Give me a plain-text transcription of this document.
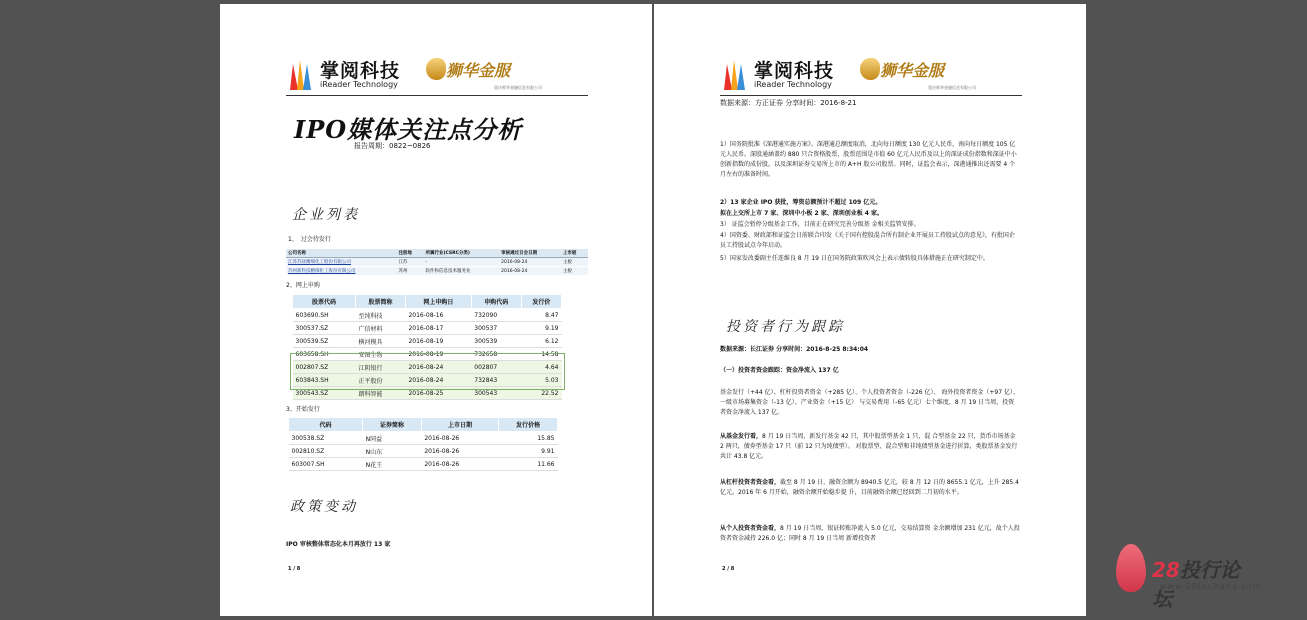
掌阅科技
iReader Technology
狮华金服
重庆师华金融信息有限公司
IPO媒体关注点分析
报告周期：0822~0826
企业列表
1、　过会待发行
公司名称	注册地	所属行业(CSRC分类)	审核通过日会日期	上市板
江苏苏盐精细化工股份有限公司	江苏	-	2016-08-24	主板
苏州新科技精细化工股份有限公司	苏州	软件和信息技术服务业	2016-08-24	主板
2、网上申购
股票代码	股票简称	网上申购日	申购代码	发行价
603690.SH	至纯科技	2016-08-16	732090	8.47
300537.SZ	广信材料	2016-08-17	300537	9.19
300539.SZ	横河模具	2016-08-19	300539	6.12
603658.SH	安图生物	2016-08-19	732658	14.58
002807.SZ	江阴银行	2016-08-24	002807	4.64
603843.SH	正平股份	2016-08-24	732843	5.03
300543.SZ	朗科智能	2016-08-25	300543	22.52
3、开始发行
代码	证券简称	上市日期	发行价格
300538.SZ	N同益	2016-08-26	15.85
002810.SZ	N山东	2016-08-26	9.91
603007.SH	N花王	2016-08-26	11.66
政策变动
IPO 审核整体常态化本月再放行 13 家
1 / 8
掌阅科技
iReader Technology
狮华金服
重庆师华金融信息有限公司
数据来源：方正证券 分享时间：2016-8-21
1）国务院批准《深港通实施方案》。深港通总额度取消，北向每日额度 130 亿元人民币，南向每日额度 105 亿元人民币。深股通涵盖约 880 只合资格股票，股票范围是市值 60 亿元人民币及以上的深证成份指数和深证中小创新指数的成份股，以及深圳证券交易所上市的 A+H 股公司股票。同时，证监会表示，深港通推出还需要 4 个月左右的准备时间。
2）13 家企业 IPO 获批，筹资总额预计不超过 109 亿元。
拟在上交所上市 7 家、深圳中小板 2 家、深圳创业板 4 家。
3） 证监会暂停分级基金工作，目前正在研究完善分级基 金相关监管安排。
4）国资委、财政部和证监会日前联合印发《关于国有控股混合所有制企业开展员工持股试点的意见》，有批国企员工持股试点今年启动。
5）国家发改委副主任连维良 8 月 19 日在国务院政策吹风会上表示债转股具体措施正在研究制定中。
投资者行为跟踪
数据来源：长江证券 分享时间：2016-8-25 8:34:04
（一）投资者资金跟踪：资金净流入 137 亿
基金发行（+44 亿）、杠杆投资者资金（+285 亿）、个人投资者资金（-226 亿）、 海外投资者资金（+97 亿）、一级市场募集资金（-13 亿）、产业资金（+15 亿） 与交易费用（-65 亿元）七个维度，8 月 19 日当周，投资者资金净流入 137 亿。
从基金发行看，8 月 19 日当周，新发行基金 42 只，其中股票型基金 1 只，混 合型基金 22 只，货币市场基金 2 两只，债券型基金 17 只（前 12 只为纯债型）。 对股票型、混合型和非纯债型基金进行折算，类股票基金发行共计 43.8 亿元。
从杠杆投资者资金看，截至 8 月 19 日，融资余额为 8940.5 亿元，较 8 月 12 日的 8655.1 亿元，上升 285.4 亿元。2016 年 6 月开始，融资余额开始稳步提 升，目前融资余额已经回到二月初的水平。
从个人投资者资金看，8 月 19 日当周，银证转账净流入 5.0 亿元，交易结算资 金余额增加 231 亿元，故个人投资者资金减持 226.0 亿；同时 8 月 19 日当周 新增投资者
2 / 8	28投行论坛
www.28touhang.com
